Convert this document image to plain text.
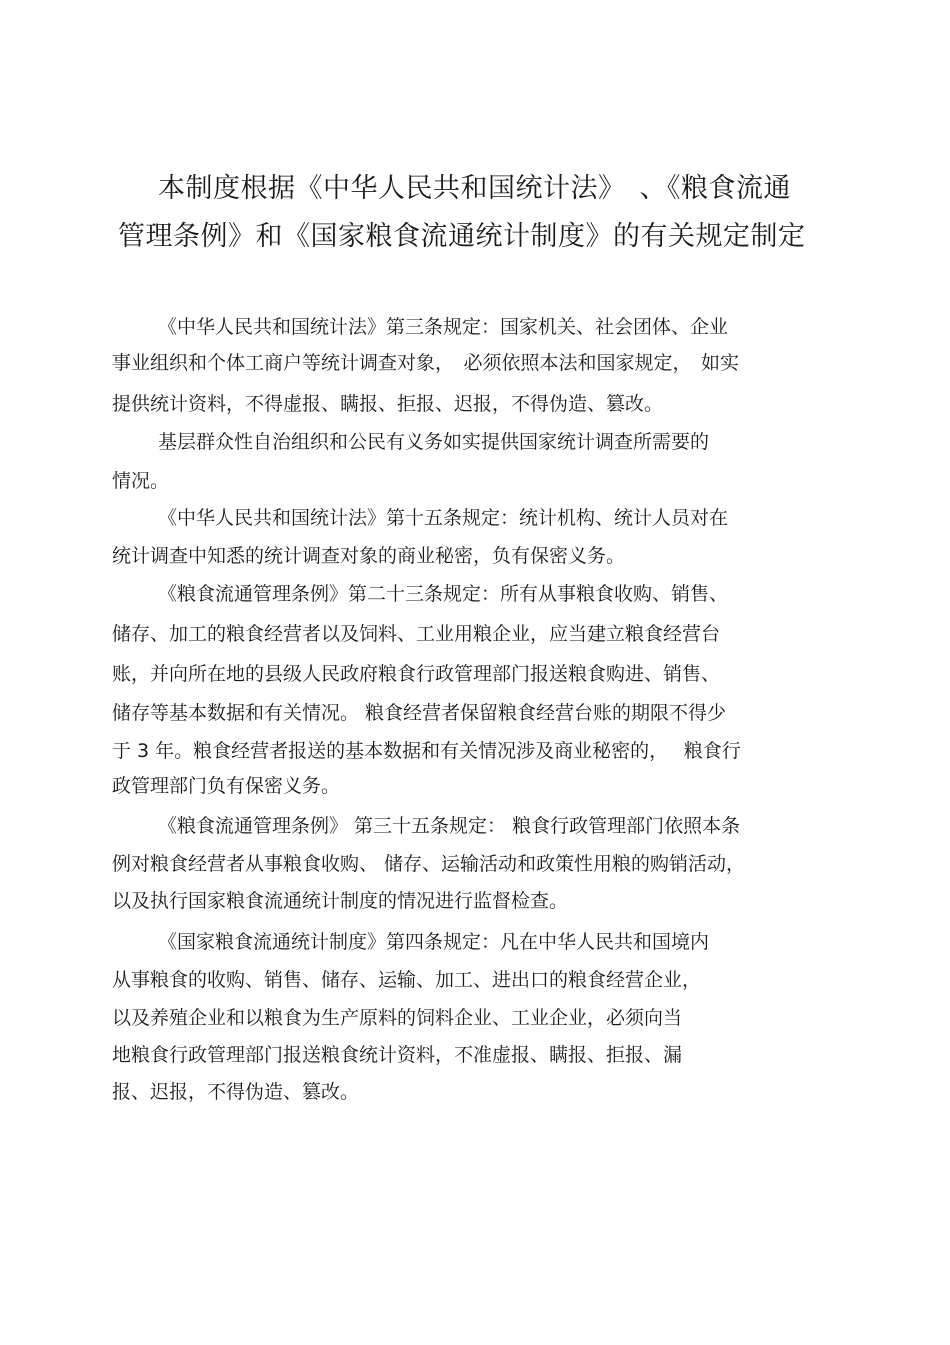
本制度根据《中华人民共和国统计法》　、《粮食流通
管理条例》和《国家粮食流通统计制度》的有关规定制定
《中华人民共和国统计法》第三条规定：国家机关、社会团体、企业
事业组织和个体工商户等统计调查对象，　必须依照本法和国家规定，　如实
提供统计资料，不得虚报、瞒报、拒报、迟报，不得伪造、篡改。
基层群众性自治组织和公民有义务如实提供国家统计调查所需要的
情况。
《中华人民共和国统计法》第十五条规定：统计机构、统计人员对在
统计调查中知悉的统计调查对象的商业秘密，负有保密义务。
《粮食流通管理条例》第二十三条规定：所有从事粮食收购、销售、
储存、加工的粮食经营者以及饲料、工业用粮企业，应当建立粮食经营台
账，并向所在地的县级人民政府粮食行政管理部门报送粮食购进、销售、
储存等基本数据和有关情况。 粮食经营者保留粮食经营台账的期限不得少
于 3 年。粮食经营者报送的基本数据和有关情况涉及商业秘密的，　 粮食行
政管理部门负有保密义务。
《粮食流通管理条例》 第三十五条规定： 粮食行政管理部门依照本条
例对粮食经营者从事粮食收购、 储存、运输活动和政策性用粮的购销活动，
以及执行国家粮食流通统计制度的情况进行监督检查。
《国家粮食流通统计制度》第四条规定：凡在中华人民共和国境内
从事粮食的收购、销售、储存、运输、加工、进出口的粮食经营企业，
以及养殖企业和以粮食为生产原料的饲料企业、工业企业，必须向当
地粮食行政管理部门报送粮食统计资料，不准虚报、瞒报、拒报、漏
报、迟报，不得伪造、篡改。
